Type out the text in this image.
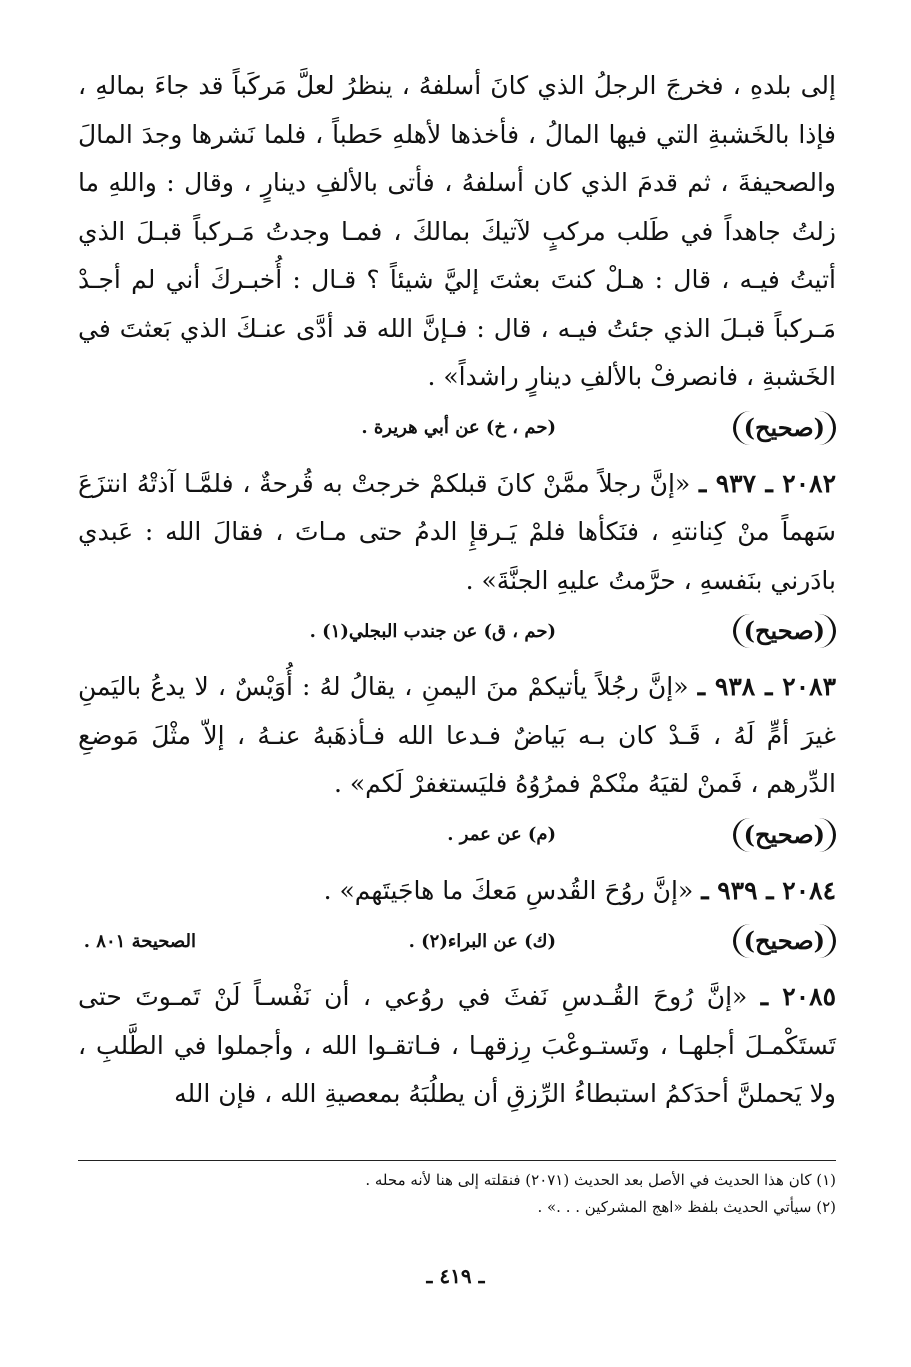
إلى بلدهِ ، فخرجَ الرجلُ الذي كانَ أسلفهُ ، ينظرُ لعلَّ مَركَباً قد جاءَ بمالهِ ، فإذا بالخَشبةِ التي فيها المالُ ، فأخذها لأهلهِ حَطباً ، فلما نَشرها وجدَ المالَ والصحيفةَ ، ثم قدمَ الذي كان أسلفهُ ، فأتى بالألفِ دينارٍ ، وقال : واللهِ ما زلتُ جاهداً في طَلب مركبٍ لآتيكَ بمالكَ ، فمـا وجدتُ مَـركباً قبـلَ الذي أتيتُ فيـه ، قال : هـلْ كنتَ بعثتَ إليَّ شيئاً ؟ قـال : أُخبـركَ أني لم أجـدْ مَـركباً قبـلَ الذي جئتُ فيـه ، قال : فـإنَّ الله قد أدَّى عنـكَ الذي بَعثتَ في الخَشبةِ ، فانصرفْ بالألفِ دينارٍ راشداً» .

(صحيح)
(حم ، خ) عن أبي هريرة .

٢٠٨٢ ـ ٩٣٧ ـ «إنَّ رجلاً ممَّنْ كانَ قبلكمْ خرجتْ به قُرحةٌ ، فلمَّـا آذتْهُ انتزَعَ سَهماً منْ كِنانتهِ ، فنَكأها فلمْ يَـرقإِ الدمُ حتى مـاتَ ، فقالَ الله : عَبدي بادَرني بنَفسهِ ، حرَّمتُ عليهِ الجنَّةَ» .

(صحيح)
(حم ، ق) عن جندب البجلي(١) .

٢٠٨٣ ـ ٩٣٨ ـ «إنَّ رجُلاً يأتيكمْ منَ اليمنِ ، يقالُ لهُ : أُوَيْسٌ ، لا يدعُ باليَمنِ غيرَ أمٍّ لَهُ ، قَـدْ كان بـه بَياضٌ فـدعا الله فـأذهَبهُ عنـهُ ، إلاّ مثْلَ مَوضعِ الدِّرهم ، فَمنْ لقيَهُ منْكمْ فمرُوُهُ فليَستغفرْ لَكم» .

(صحيح)
(م) عن عمر .

٢٠٨٤ ـ ٩٣٩ ـ «إنَّ روُحَ القُدسِ مَعكَ ما هاجَيتَهم» .

(صحيح)
(ك) عن البراء(٢) .
الصحيحة ٨٠١ .

٢٠٨٥ ـ «إنَّ رُوحَ القُـدسِ نَفثَ في روُعي ، أن نَفْسـاً لَنْ تَمـوتَ حتى تَستَكْمـلَ أجلهـا ، وتَستـوعْبَ رِزقهـا ، فـاتقـوا الله ، وأجملوا في الطَّلبِ ، ولا يَحملنَّ أحدَكمُ استبطاءُ الرِّزقِ أن يطلُبَهُ بمعصيةِ الله ، فإن الله

(١) كان هذا الحديث في الأصل بعد الحديث (٢٠٧١) فنقلته إلى هنا لأنه محله .

(٢) سيأتي الحديث بلفظ «اهج المشركين . . .» .

ـ ٤١٩ ـ
